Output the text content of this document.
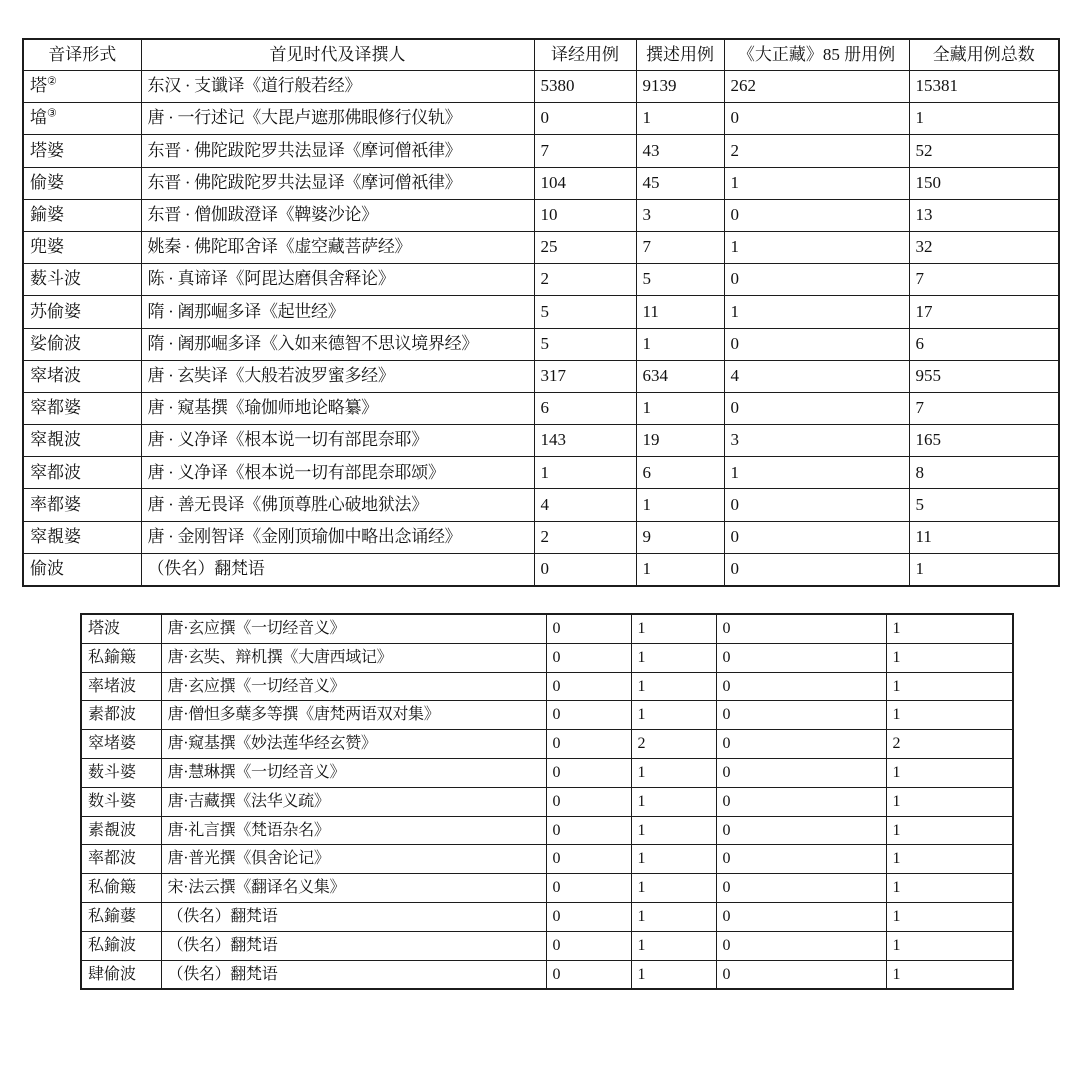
音译形式	首见时代及译撰人	译经用例	撰述用例	《大正藏》85 册用例	全藏用例总数
塔②	东汉 · 支谶译《道行般若经》	5380	9139	262	15381
墖③	唐 · 一行述记《大毘卢遮那佛眼修行仪轨》	0	1	0	1
塔婆	东晋 · 佛陀跋陀罗共法显译《摩诃僧祇律》	7	43	2	52
偷婆	东晋 · 佛陀跋陀罗共法显译《摩诃僧祇律》	104	45	1	150
鍮婆	东晋 · 僧伽跋澄译《鞞婆沙论》	10	3	0	13
兜婆	姚秦 · 佛陀耶舍译《虚空藏菩萨经》	25	7	1	32
薮斗波	陈 · 真谛译《阿毘达磨俱舍释论》	2	5	0	7
苏偷婆	隋 · 阇那崛多译《起世经》	5	11	1	17
娑偷波	隋 · 阇那崛多译《入如来德智不思议境界经》	5	1	0	6
窣堵波	唐 · 玄奘译《大般若波罗蜜多经》	317	634	4	955
窣都婆	唐 · 窥基撰《瑜伽师地论略纂》	6	1	0	7
窣覩波	唐 · 义净译《根本说一切有部毘奈耶》	143	19	3	165
窣都波	唐 · 义净译《根本说一切有部毘奈耶颂》	1	6	1	8
率都婆	唐 · 善无畏译《佛顶尊胜心破地狱法》	4	1	0	5
窣覩婆	唐 · 金刚智译《金刚顶瑜伽中略出念诵经》	2	9	0	11
偷波	（佚名）翻梵语	0	1	0	1
塔波	唐·玄应撰《一切经音义》	0	1	0	1
私鍮簸	唐·玄奘、辩机撰《大唐西域记》	0	1	0	1
率堵波	唐·玄应撰《一切经音义》	0	1	0	1
素都波	唐·僧怛多蘖多等撰《唐梵两语双对集》	0	1	0	1
窣堵婆	唐·窥基撰《妙法莲华经玄赞》	0	2	0	2
薮斗婆	唐·慧琳撰《一切经音义》	0	1	0	1
数斗婆	唐·吉藏撰《法华义疏》	0	1	0	1
素覩波	唐·礼言撰《梵语杂名》	0	1	0	1
率都波	唐·普光撰《俱舍论记》	0	1	0	1
私偷簸	宋·法云撰《翻译名义集》	0	1	0	1
私鍮蔢	（佚名）翻梵语	0	1	0	1
私鍮波	（佚名）翻梵语	0	1	0	1
肆偷波	（佚名）翻梵语	0	1	0	1
